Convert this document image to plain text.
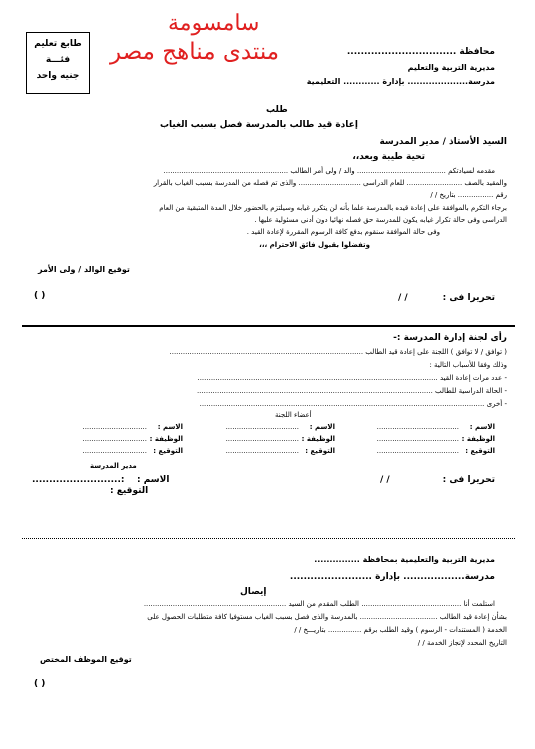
طابع تعليم
فئـــة
جنيه واحد
سامسومة
منتدى مناهج مصر	محافظة ................................
مديرية التربية والتعليم
مدرسة.................... بإدارة ............ التعليمية
طلب
إعادة قيد طالب بالمدرسة فصل بسبب الغياب
السيد الأستاذ / مدير المدرسة
تحية طيبة وبعد،،
مقدمه لسيادتكم ........................................ والد / ولى أمر الطالب ........................................................
والمقيد بالصف ......................... للعام الدراسى ............................ والذى تم فصله من المدرسة بسبب الغياب بالقرار
رقم ................ بتاريخ / /
برجاء التكرم بالموافقة على إعادة قيده بالمدرسة علما بأنه لن يتكرر غيابه وسيلتزم بالحضور خلال المدة المتبقية من العام
الدراسى وفى حالة تكرار غيابه يكون للمدرسة حق فصله نهائيا دون أدنى مسئولية عليها .
وفى حالة الموافقة سنقوم بدفع كافة الرسوم المقررة لإعادة القيد .
وتفضلوا بقبول فائق الاحترام ،،،
توقيع الوالد / ولى الأمر
تحريرا فى :
/ /
( )
رأى لجنة إدارة المدرسة :-
( توافق / لا توافق ) اللجنة على إعادة قيد الطالب .......................................................................................
وذلك وفقا للأسباب التالية :
- عدد مرات إعادة القيد ............................................................................................................
- الحالة الدراسية للطالب ..........................................................................................................
- أخرى ................................................................................................................................
أعضاء اللجنة
الاسم :
.....................................
الوظيفة :
.....................................
التوقيع :
.....................................
الاسم :
.................................
الوظيفة :
.................................
التوقيع :
.................................
الاسم :
.............................
الوظيفة :
.............................
التوقيع :
.............................
مدير المدرسة
تحريرا فى :
/ /
الاسم :
..........................:
التوقيع :
مديرية التربية والتعليمية بمحافظة ...............
مدرسة.................. بإدارة ........................
إيصال
استلمت أنا ............................................. الطلب المقدم من السيد ................................................................
بشأن إعادة قيد الطالب ................................... بالمدرسة والذى فصل بسبب الغياب مستوفيا كافة متطلبات الحصول على
الخدمة ( المستندات - الرسوم ) وقيد الطلب برقم ............... بتاريـــخ / /
التاريخ المحدد لإنجاز الخدمة / /
توقيع الموظف المختص
( )
